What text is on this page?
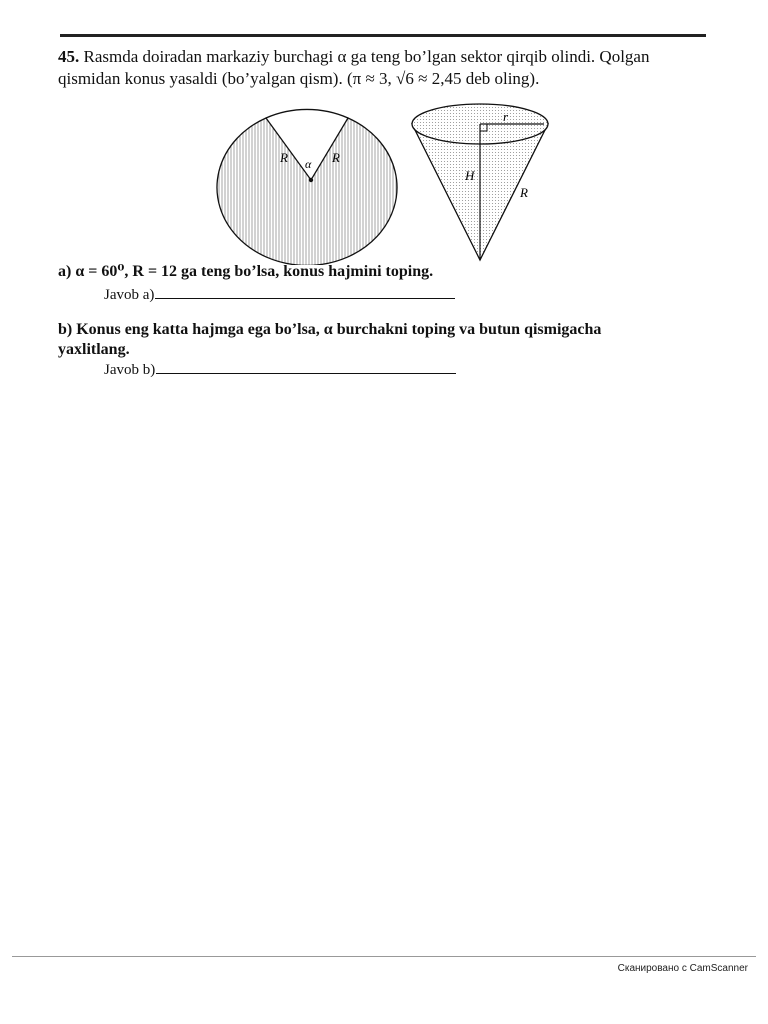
45. Rasmda doiradan markaziy burchagi α ga teng bo’lgan sektor qirqib olindi. Qolgan
qismidan konus yasaldi (bo’yalgan qism). (π ≈ 3, √6 ≈ 2,45 deb oling).
R	R
α
r
H
R
a) α = 60⁰, R = 12 ga teng bo’lsa, konus hajmini toping.
Javob a)
b) Konus eng katta hajmga ega bo’lsa, α burchakni toping va butun qismigacha
yaxlitlang.
Javob b)
Сканировано с CamScanner
